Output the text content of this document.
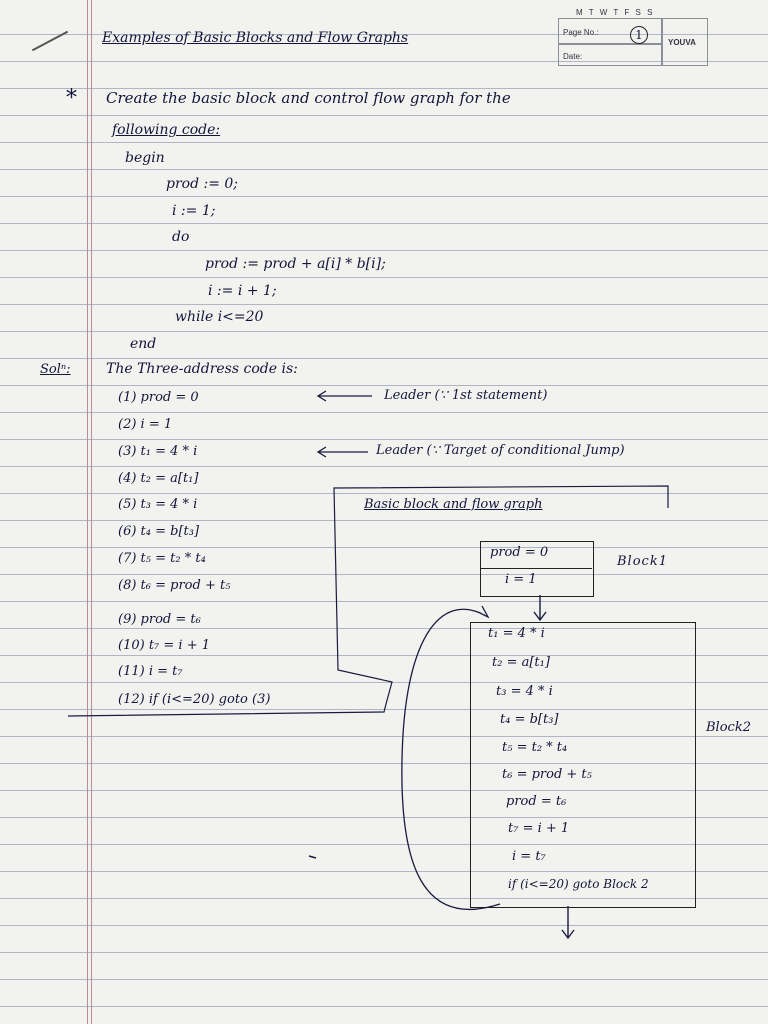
Examples of Basic Blocks and Flow Graphs
M T W T F S S
Page No.:	1
Date:
YOUVA
* Create the basic block and control flow graph for the
following code:
begin
prod := 0;
i := 1;
do
prod := prod + a[i] * b[i];
i := i + 1;
while i<=20
end
Solⁿ:	The Three-address code is:
(1) prod = 0
(2) i = 1
(3) t₁ = 4 * i
(4) t₂ = a[t₁]
(5) t₃ = 4 * i
(6) t₄ = b[t₃]
(7) t₅ = t₂ * t₄
(8) t₆ = prod + t₅
(9) prod = t₆
(10) t₇ = i + 1
(11) i = t₇
(12) if (i<=20) goto (3)
Leader (∵ 1st statement)
Leader (∵ Target of conditional Jump)
Basic block and flow graph
prod = 0
i = 1
Block1
t₁ = 4 * i
t₂ = a[t₁]
t₃ = 4 * i
t₄ = b[t₃]
t₅ = t₂ * t₄
t₆ = prod + t₅
prod = t₆
t₇ = i + 1
i = t₇
if (i<=20) goto Block 2
Block2
